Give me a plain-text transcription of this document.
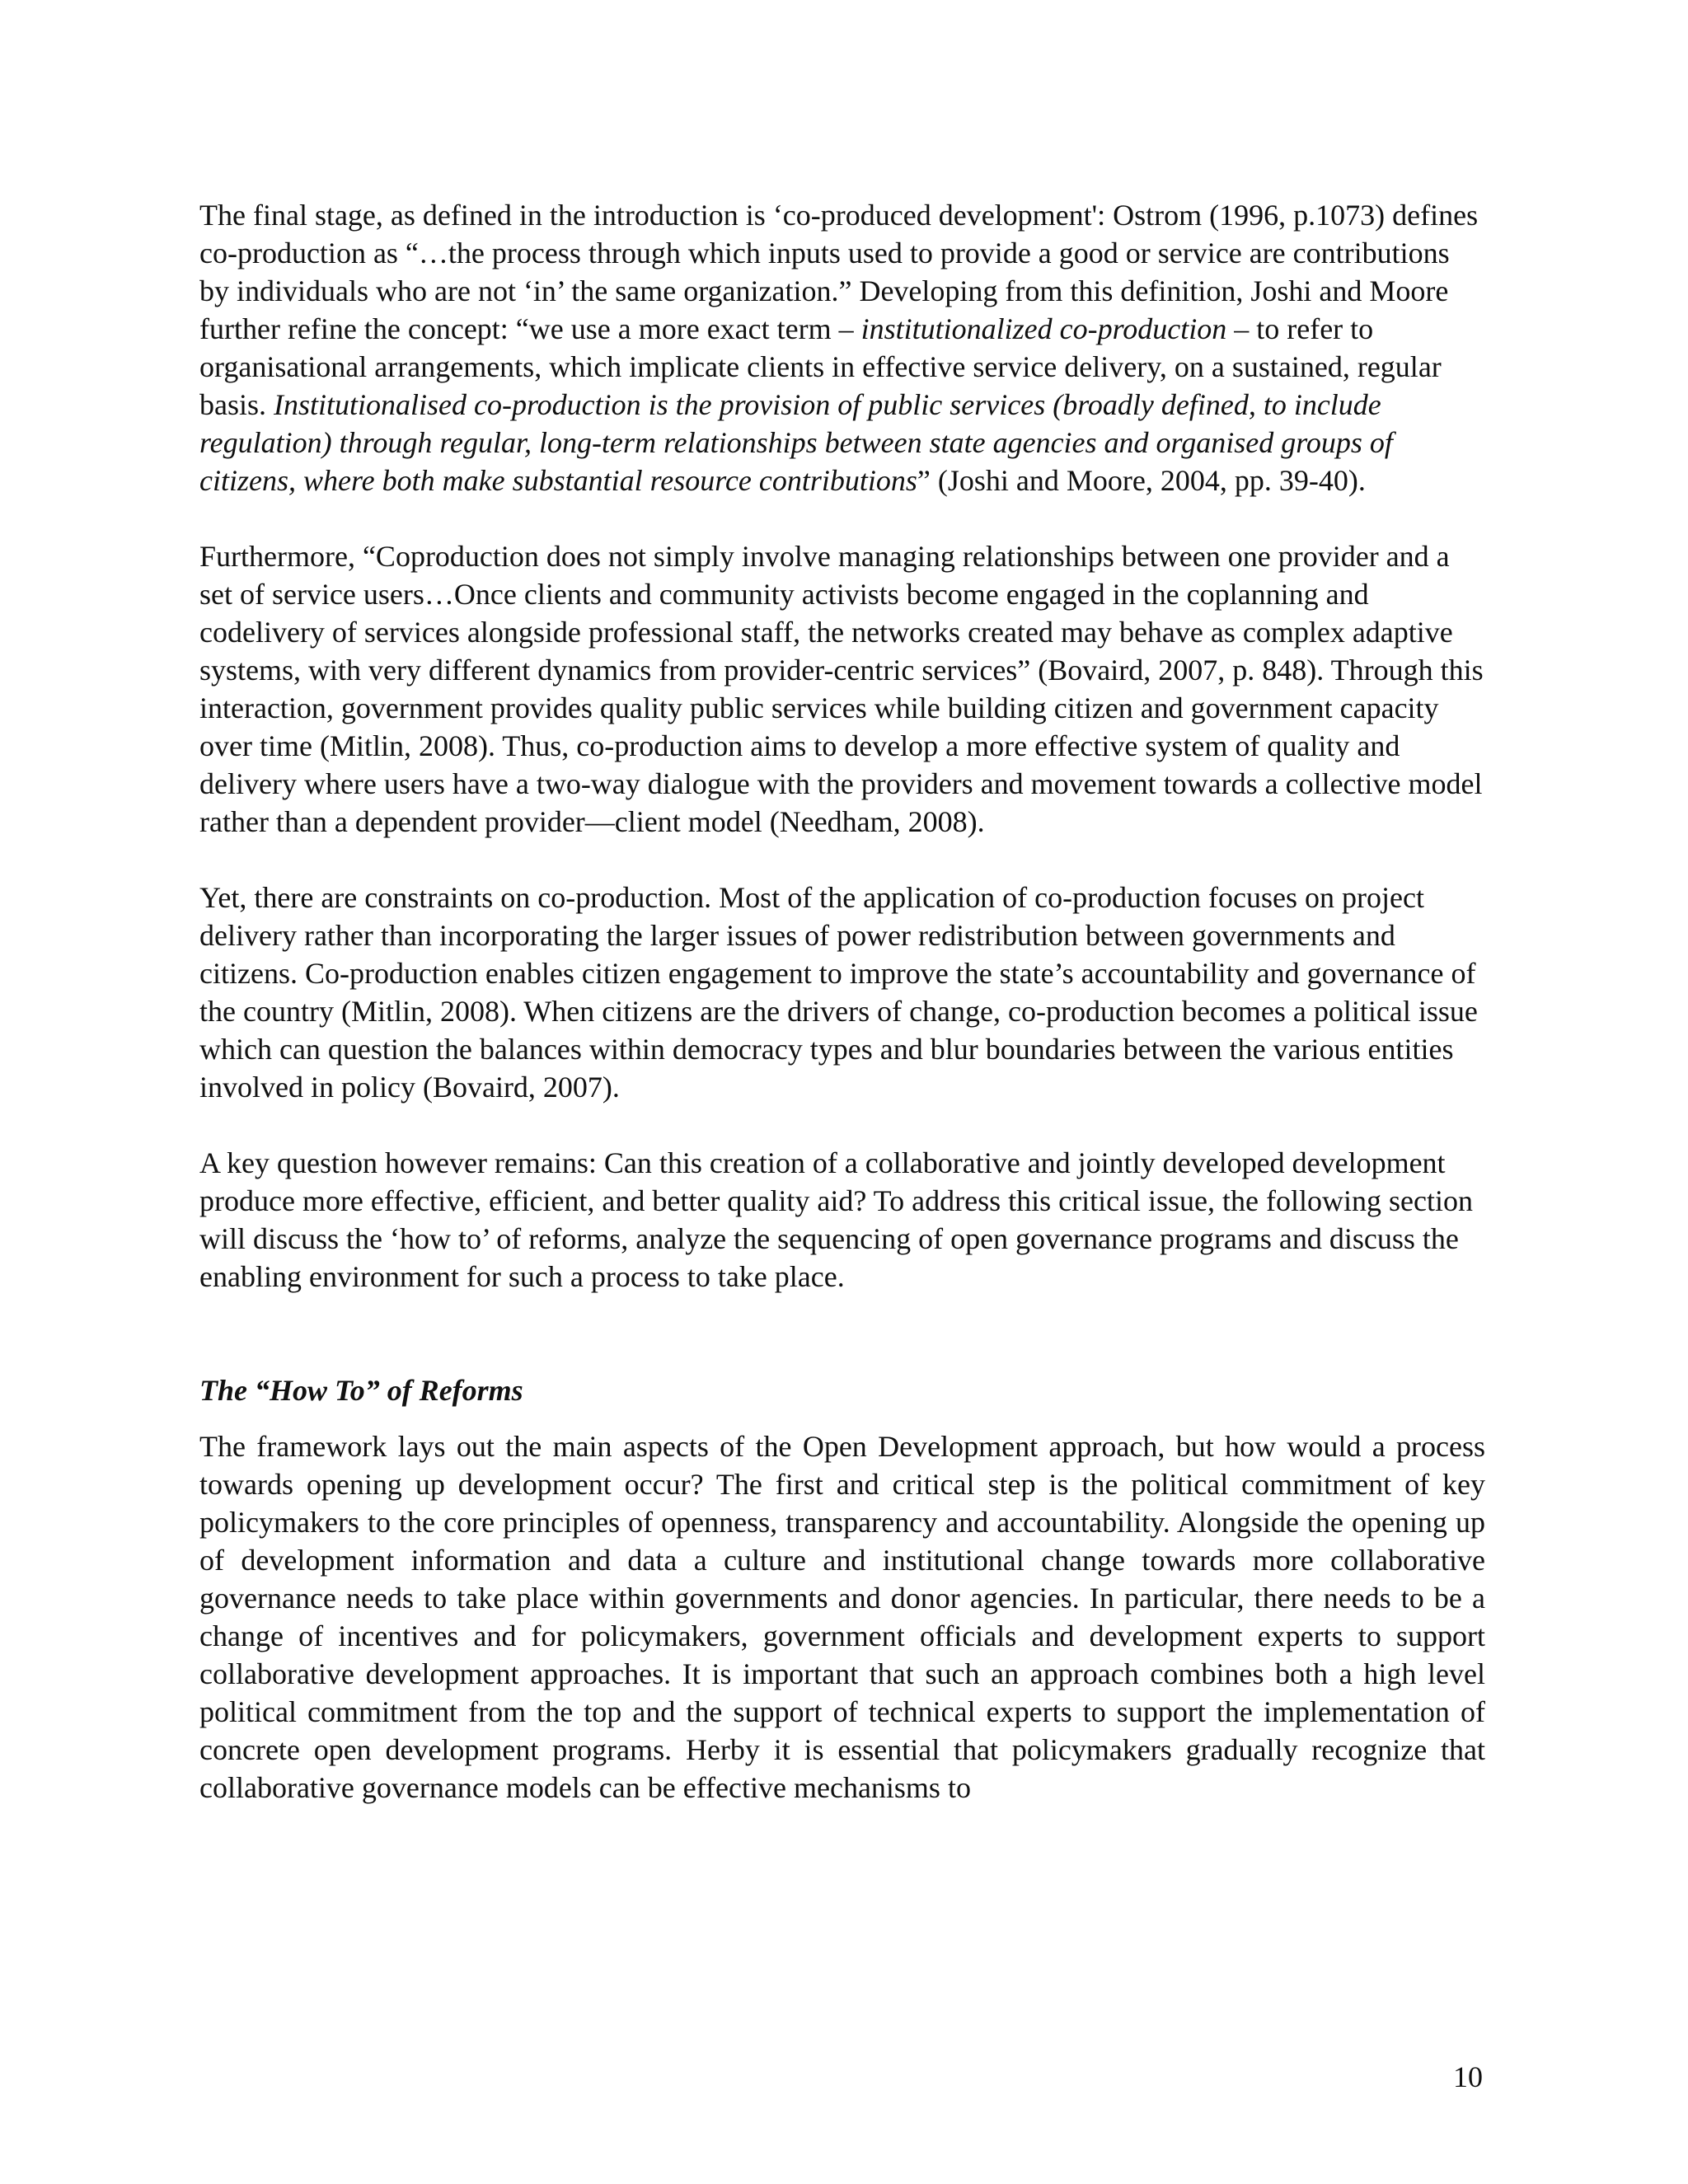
The final stage, as defined in the introduction is ‘co-produced development': Ostrom (1996, p.1073) defines co-production as “…the process through which inputs used to provide a good or service are contributions by individuals who are not ‘in’ the same organization.” Developing from this definition, Joshi and Moore further refine the concept: “we use a more exact term – institutionalized co-production – to refer to organisational arrangements, which implicate clients in effective service delivery, on a sustained, regular basis. Institutionalised co-production is the provision of public services (broadly defined, to include regulation) through regular, long-term relationships between state agencies and organised groups of citizens, where both make substantial resource contributions” (Joshi and Moore, 2004, pp. 39-40).

Furthermore, “Coproduction does not simply involve managing relationships between one provider and a set of service users…Once clients and community activists become engaged in the coplanning and codelivery of services alongside professional staff, the networks created may behave as complex adaptive systems, with very different dynamics from provider-centric services” (Bovaird, 2007, p. 848). Through this interaction, government provides quality public services while building citizen and government capacity over time (Mitlin, 2008). Thus, co-production aims to develop a more effective system of quality and delivery where users have a two-way dialogue with the providers and movement towards a collective model rather than a dependent provider—client model (Needham, 2008).

Yet, there are constraints on co-production. Most of the application of co-production focuses on project delivery rather than incorporating the larger issues of power redistribution between governments and citizens. Co-production enables citizen engagement to improve the state’s accountability and governance of the country (Mitlin, 2008). When citizens are the drivers of change, co-production becomes a political issue which can question the balances within democracy types and blur boundaries between the various entities involved in policy (Bovaird, 2007).

A key question however remains: Can this creation of a collaborative and jointly developed development produce more effective, efficient, and better quality aid? To address this critical issue, the following section will discuss the ‘how to’ of reforms, analyze the sequencing of open governance programs and discuss the enabling environment for such a process to take place.

The “How To” of Reforms

The framework lays out the main aspects of the Open Development approach, but how would a process towards opening up development occur? The first and critical step is the political commitment of key policymakers to the core principles of openness, transparency and accountability. Alongside the opening up of development information and data a culture and institutional change towards more collaborative governance needs to take place within governments and donor agencies. In particular, there needs to be a change of incentives and for policymakers, government officials and development experts to support collaborative development approaches. It is important that such an approach combines both a high level political commitment from the top and the support of technical experts to support the implementation of concrete open development programs. Herby it is essential that policymakers gradually recognize that collaborative governance models can be effective mechanisms to

10
